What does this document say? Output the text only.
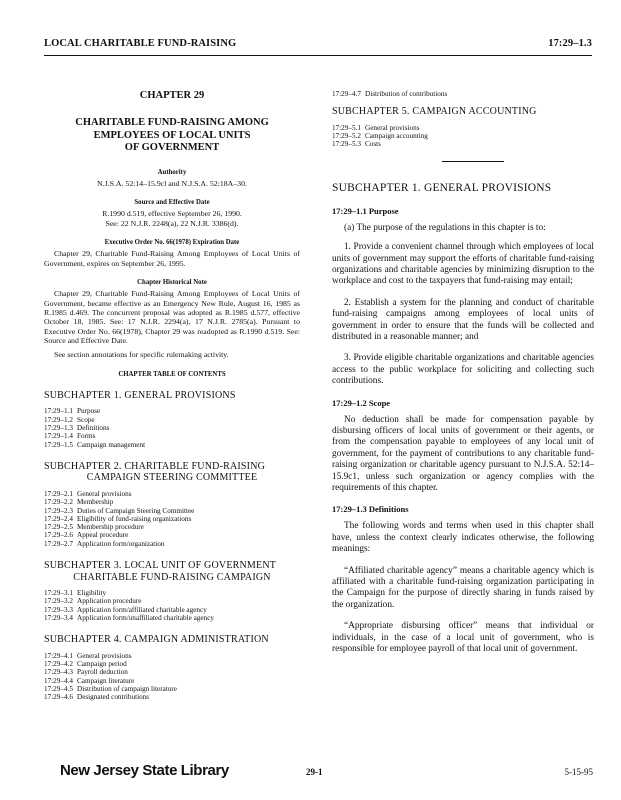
LOCAL CHARITABLE FUND-RAISING	17:29–1.3
CHAPTER 29
CHARITABLE FUND-RAISING AMONG
EMPLOYEES OF LOCAL UNITS
OF GOVERNMENT
Authority
N.J.S.A. 52:14–15.9cl and N.J.S.A. 52:18A–30.
Source and Effective Date
R.1990 d.519, effective September 26, 1990.
See: 22 N.J.R. 2248(a), 22 N.J.R. 3386(d).
Executive Order No. 66(1978) Expiration Date
Chapter 29, Charitable Fund-Raising Among Employees of Local Units of Government, expires on September 26, 1995.
Chapter Historical Note
Chapter 29, Charitable Fund-Raising Among Employees of Local Units of Government, became effective as an Emergency New Rule, August 16, 1985 as R.1985 d.469. The concurrent proposal was adopted as R.1985 d.577, effective October 18, 1985. See: 17 N.J.R. 2294(a), 17 N.J.R. 2785(a). Pursuant to Executive Order No. 66(1978), Chapter 29 was readopted as R.1990 d.519. See: Source and Effective Date.
See section annotations for specific rulemaking activity.
CHAPTER TABLE OF CONTENTS
SUBCHAPTER 1. GENERAL PROVISIONS
17:29–1.1 Purpose
17:29–1.2 Scope
17:29–1.3 Definitions
17:29–1.4 Forms
17:29–1.5 Campaign management
SUBCHAPTER 2. CHARITABLE FUND-RAISING
CAMPAIGN STEERING COMMITTEE
17:29–2.1 General provisions
17:29–2.2 Membership
17:29–2.3 Duties of Campaign Steering Committee
17:29–2.4 Eligibility of fund-raising organizations
17:29–2.5 Membership procedure
17:29–2.6 Appeal procedure
17:29–2.7 Application form/organization
SUBCHAPTER 3. LOCAL UNIT OF GOVERNMENT
CHARITABLE FUND-RAISING CAMPAIGN
17:29–3.1 Eligibility
17:29–3.2 Application procedure
17:29–3.3 Application form/affiliated charitable agency
17:29–3.4 Application form/unaffiliated charitable agency
SUBCHAPTER 4. CAMPAIGN ADMINISTRATION
17:29–4.1 General provisions
17:29–4.2 Campaign period
17:29–4.3 Payroll deduction
17:29–4.4 Campaign literature
17:29–4.5 Distribution of campaign literature
17:29–4.6 Designated contributions
17:29–4.7 Distribution of contributions
SUBCHAPTER 5. CAMPAIGN ACCOUNTING
17:29–5.1 General provisions
17:29–5.2 Campaign accounting
17:29–5.3 Costs
SUBCHAPTER 1. GENERAL PROVISIONS
17:29–1.1 Purpose
(a) The purpose of the regulations in this chapter is to:
1. Provide a convenient channel through which employees of local units of government may support the efforts of charitable fund-raising organizations and charitable agencies by minimizing disruption to the workplace and cost to the taxpayers that fund-raising may entail;
2. Establish a system for the planning and conduct of charitable fund-raising campaigns among employees of local units of government in order to ensure that the funds will be collected and distributed in a reasonable manner; and
3. Provide eligible charitable organizations and charitable agencies access to the public workplace for soliciting and collecting such contributions.
17:29–1.2 Scope
No deduction shall be made for compensation payable by disbursing officers of local units of government or their agents, or from the compensation payable to employees of any local unit of government, for the payment of contributions to any charitable fund-raising organization or charitable agency pursuant to N.J.S.A. 52:14–15.9c1, unless such organization or agency complies with the requirements of this chapter.
17:29–1.3 Definitions
The following words and terms when used in this chapter shall have, unless the context clearly indicates otherwise, the following meanings:
“Affiliated charitable agency” means a charitable agency which is affiliated with a charitable fund-raising organization participating in the Campaign for the purpose of directly sharing in funds raised by the organization.
“Appropriate disbursing officer” means that individual or individuals, in the case of a local unit of government, who is responsible for employee payroll of that local unit of government.
New Jersey State Library	29-1	5-15-95
